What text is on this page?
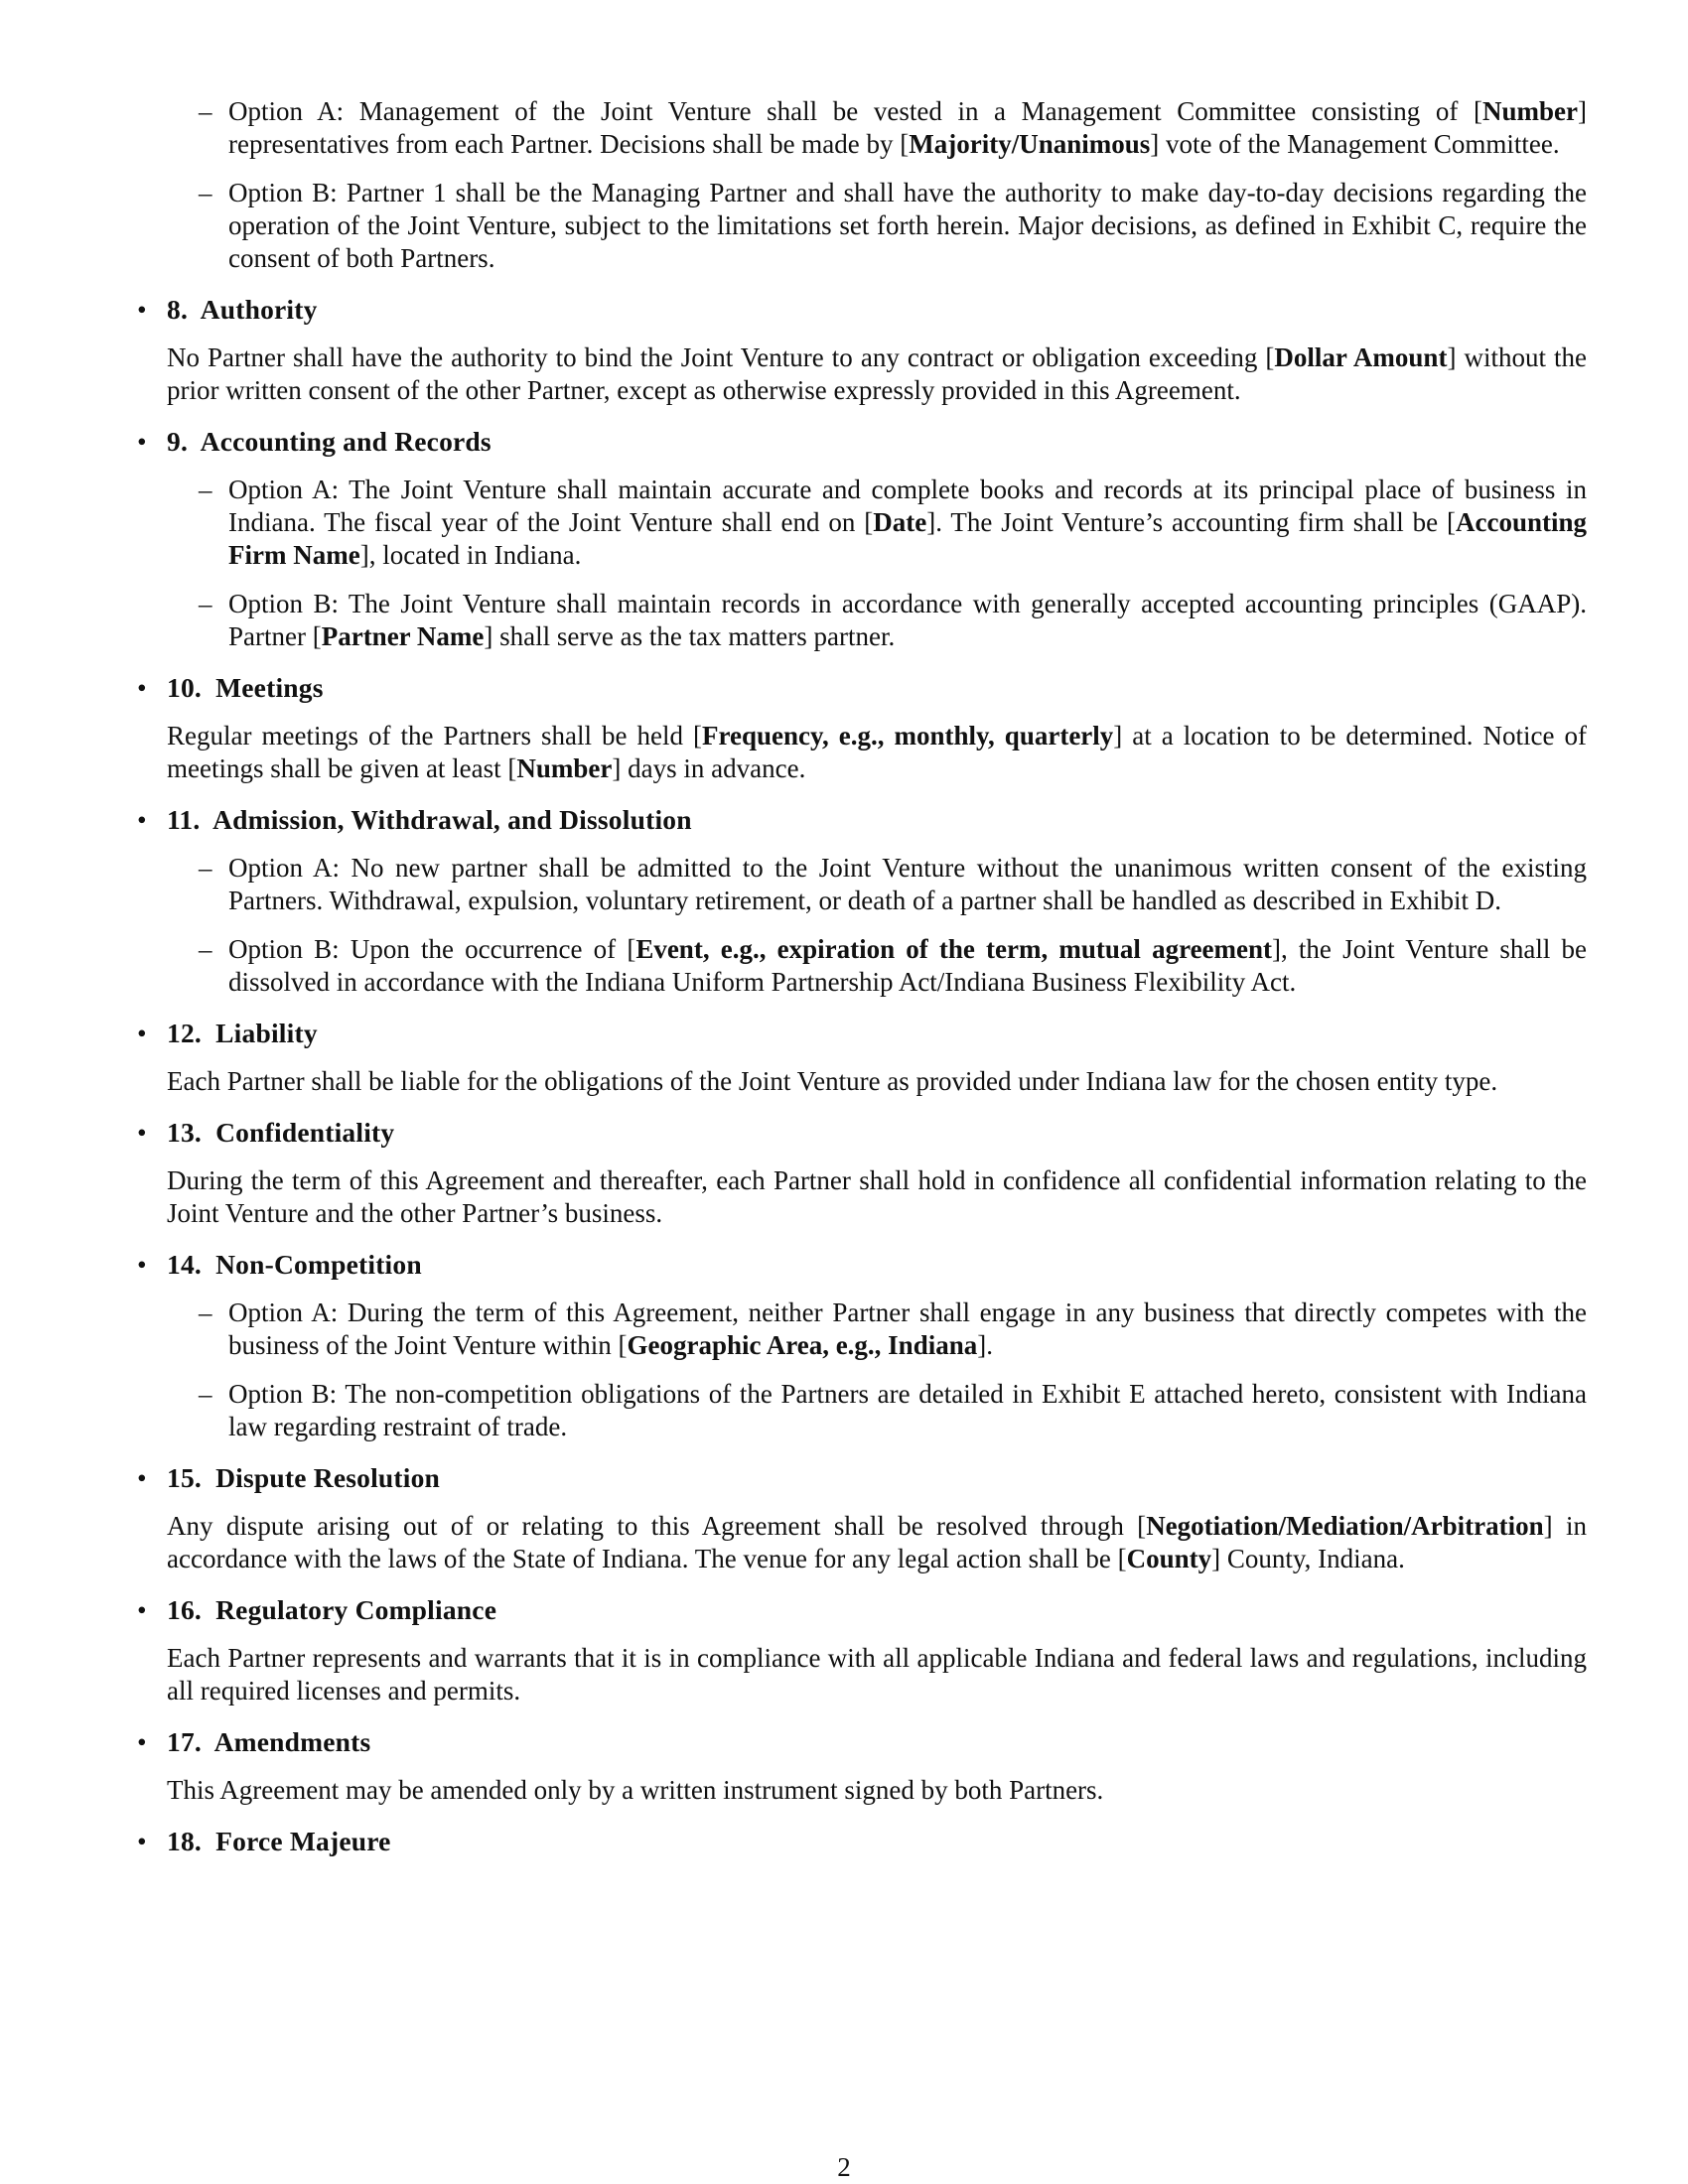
– Option A: Management of the Joint Venture shall be vested in a Management Committee consisting of [Number] representatives from each Partner. Decisions shall be made by [Majority/Unanimous] vote of the Management Committee.
– Option B: Partner 1 shall be the Managing Partner and shall have the authority to make day-to-day decisions regarding the operation of the Joint Venture, subject to the limitations set forth herein. Major decisions, as defined in Exhibit C, require the consent of both Partners.
• 8.  Authority
No Partner shall have the authority to bind the Joint Venture to any contract or obligation exceeding [Dollar Amount] without the prior written consent of the other Partner, except as otherwise expressly provided in this Agreement.
• 9.  Accounting and Records
– Option A: The Joint Venture shall maintain accurate and complete books and records at its principal place of business in Indiana. The fiscal year of the Joint Venture shall end on [Date]. The Joint Venture’s accounting firm shall be [Accounting Firm Name], located in Indiana.
– Option B: The Joint Venture shall maintain records in accordance with generally accepted accounting principles (GAAP). Partner [Partner Name] shall serve as the tax matters partner.
• 10.  Meetings
Regular meetings of the Partners shall be held [Frequency, e.g., monthly, quarterly] at a location to be determined. Notice of meetings shall be given at least [Number] days in advance.
• 11.  Admission, Withdrawal, and Dissolution
– Option A: No new partner shall be admitted to the Joint Venture without the unanimous written consent of the existing Partners. Withdrawal, expulsion, voluntary retirement, or death of a partner shall be handled as described in Exhibit D.
– Option B: Upon the occurrence of [Event, e.g., expiration of the term, mutual agreement], the Joint Venture shall be dissolved in accordance with the Indiana Uniform Partnership Act/Indiana Business Flexibility Act.
• 12.  Liability
Each Partner shall be liable for the obligations of the Joint Venture as provided under Indiana law for the chosen entity type.
• 13.  Confidentiality
During the term of this Agreement and thereafter, each Partner shall hold in confidence all confidential information relating to the Joint Venture and the other Partner’s business.
• 14.  Non-Competition
– Option A: During the term of this Agreement, neither Partner shall engage in any business that directly competes with the business of the Joint Venture within [Geographic Area, e.g., Indiana].
– Option B: The non-competition obligations of the Partners are detailed in Exhibit E attached hereto, consistent with Indiana law regarding restraint of trade.
• 15.  Dispute Resolution
Any dispute arising out of or relating to this Agreement shall be resolved through [Negotiation/Mediation/Arbitration] in accordance with the laws of the State of Indiana. The venue for any legal action shall be [County] County, Indiana.
• 16.  Regulatory Compliance
Each Partner represents and warrants that it is in compliance with all applicable Indiana and federal laws and regulations, including all required licenses and permits.
• 17.  Amendments
This Agreement may be amended only by a written instrument signed by both Partners.
• 18.  Force Majeure
2
